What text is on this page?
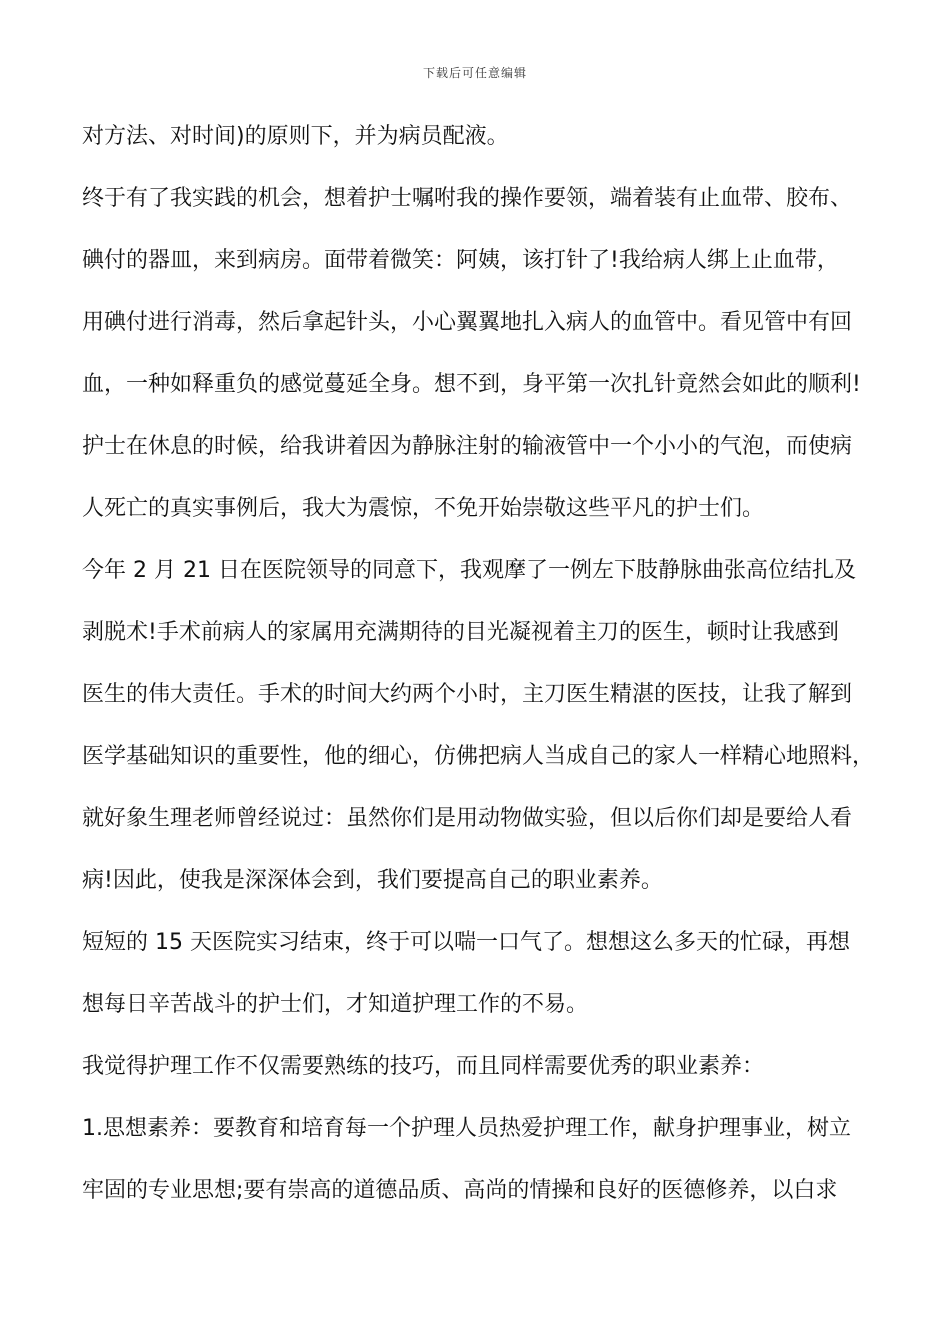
下载后可任意编辑
对方法、对时间)的原则下，并为病员配液。
终于有了我实践的机会，想着护士嘱咐我的操作要领，端着装有止血带、胶布、
碘付的器皿，来到病房。面带着微笑：阿姨，该打针了!我给病人绑上止血带，
用碘付进行消毒，然后拿起针头，小心翼翼地扎入病人的血管中。看见管中有回
血，一种如释重负的感觉蔓延全身。想不到，身平第一次扎针竟然会如此的顺利!
护士在休息的时候，给我讲着因为静脉注射的输液管中一个小小的气泡，而使病
人死亡的真实事例后，我大为震惊，不免开始崇敬这些平凡的护士们。
今年 2 月 21 日在医院领导的同意下，我观摩了一例左下肢静脉曲张高位结扎及
剥脱术!手术前病人的家属用充满期待的目光凝视着主刀的医生，顿时让我感到
医生的伟大责任。手术的时间大约两个小时，主刀医生精湛的医技，让我了解到
医学基础知识的重要性，他的细心，仿佛把病人当成自己的家人一样精心地照料，
就好象生理老师曾经说过：虽然你们是用动物做实验，但以后你们却是要给人看
病!因此，使我是深深体会到，我们要提高自己的职业素养。
短短的 15 天医院实习结束，终于可以喘一口气了。想想这么多天的忙碌，再想
想每日辛苦战斗的护士们，才知道护理工作的不易。
我觉得护理工作不仅需要熟练的技巧，而且同样需要优秀的职业素养：
1.思想素养：要教育和培育每一个护理人员热爱护理工作，献身护理事业，树立
牢固的专业思想;要有崇高的道德品质、高尚的情操和良好的医德修养，以白求
